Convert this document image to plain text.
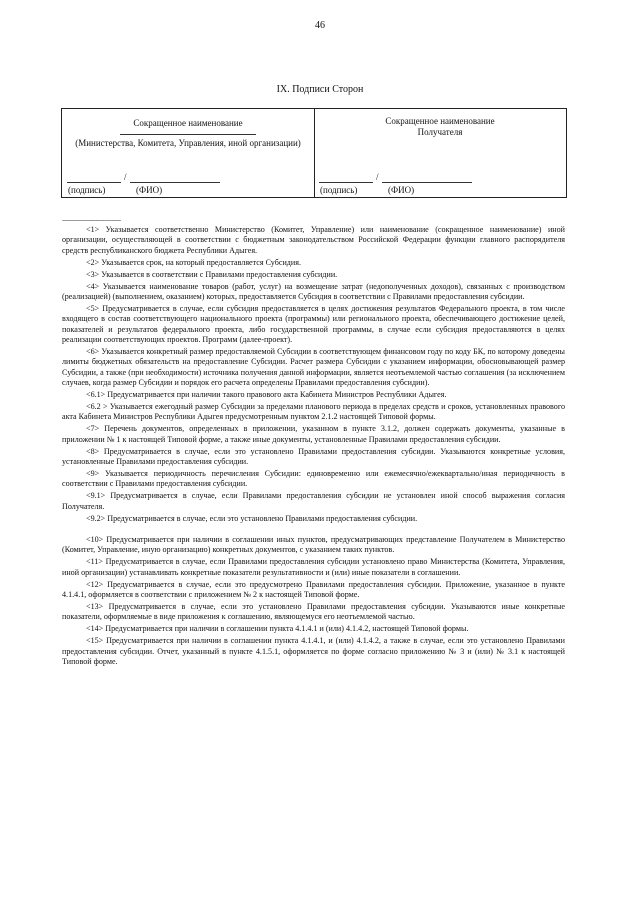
46
IX. Подписи Сторон
Сокращенное наименование
(Министерства, Комитета, Управления, иной организации)
/
(подпись)	(ФИО)
Сокращенное наименование Получателя
/
(подпись)	(ФИО)
--------------------------------

<1> Указывается соответственно Министерство (Комитет, Управление) или наименование (сокращенное наименование) иной организации, осуществляющей в соответствии с бюджетным законодательством Российской Федерации функции главного распорядителя средств республиканского бюджета Республики Адыгея.

<2> Указывается срок, на который предоставляется Субсидия.

<3> Указывается в соответствии с Правилами предоставления субсидии.

<4> Указывается наименование товаров (работ, услуг) на возмещение затрат (недополученных доходов), связанных с производством (реализацией) (выполнением, оказанием) которых, предоставляется Субсидия в соответствии с Правилами предоставления субсидии.

<5> Предусматривается в случае, если субсидия предоставляется в целях достижения результатов Федерального проекта, в том числе входящего в состав соответствующего национального проекта (программы) или регионального проекта, обеспечивающего достижение целей, показателей и результатов федерального проекта, либо государственной программы, в случае если субсидия предоставляются в целях реализации соответствующих проектов. Программ (далее-проект).

<6> Указывается конкретный размер предоставляемой Субсидии в соответствующем финансовом году по коду БК, по которому доведены лимиты бюджетных обязательств на предоставление Субсидии. Расчет размера Субсидии с указанием информации, обосновывающей размер Субсидии, а также (при необходимости) источника получения данной информации, является неотъемлемой частью соглашения (за исключением случаев, когда размер Субсидии и порядок его расчета определены Правилами предоставления субсидии).

<6.1> Предусматривается при наличии такого правового акта Кабинета Министров Республики Адыгея.

<6.2 > Указывается ежегодный размер Субсидии за пределами планового периода в пределах средств и сроков, установленных правового акта Кабинета Министров Республики Адыгея предусмотренным пунктом 2.1.2 настоящей Типовой формы.

<7> Перечень документов, определенных в приложении, указанном в пункте 3.1.2, должен содержать документы, указанные в приложении № 1 к настоящей Типовой форме, а также иные документы, установленные Правилами предоставления субсидии.

<8> Предусматривается в случае, если это установлено Правилами предоставления субсидии. Указываются конкретные условия, установленные Правилами предоставления субсидии.

<9> Указывается периодичность перечисления Субсидии: единовременно или ежемесячно/ежеквартально/иная периодичность в соответствии с Правилами предоставления субсидии.

<9.1> Предусматривается в случае, если Правилами предоставления субсидии не установлен иной способ выражения согласия Получателя.

<9.2> Предусматривается в случае, если это установлено Правилами предоставления субсидии.

<10> Предусматривается при наличии в соглашении иных пунктов, предусматривающих представление Получателем в Министерство (Комитет, Управление, иную организацию) конкретных документов, с указанием таких пунктов.

<11> Предусматривается в случае, если Правилами предоставления субсидии установлено право Министерства (Комитета, Управления, иной организации) устанавливать конкретные показатели результативности и (или) иные показатели в соглашении.

<12> Предусматривается в случае, если это предусмотрено Правилами предоставления субсидии. Приложение, указанное в пункте 4.1.4.1, оформляется в соответствии с приложением № 2 к настоящей Типовой форме.

<13> Предусматривается в случае, если это установлено Правилами предоставления субсидии. Указываются иные конкретные показатели, оформляемые в виде приложения к соглашению, являющемуся его неотъемлемой частью.

<14> Предусматривается при наличии в соглашении пункта 4.1.4.1 и (или) 4.1.4.2, настоящей Типовой формы.

<15> Предусматривается при наличии в соглашении пункта 4.1.4.1, и (или) 4.1.4.2, а также в случае, если это установлено Правилами предоставления субсидии. Отчет, указанный в пункте 4.1.5.1, оформляется по форме согласно приложению № 3 и (или) № 3.1 к настоящей Типовой форме.
